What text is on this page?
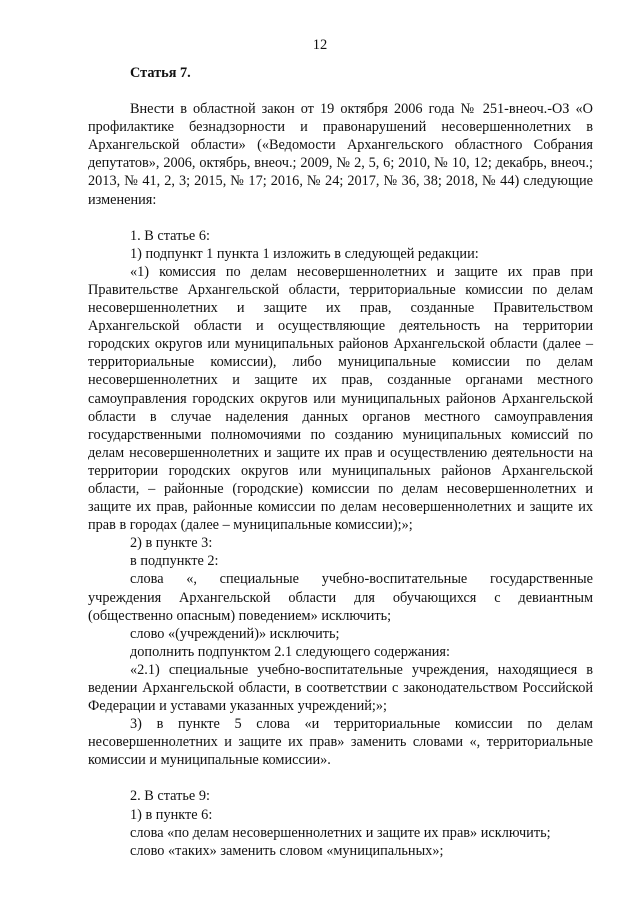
12

Статья 7.

Внести в областной закон от 19 октября 2006 года № 251-внеоч.-ОЗ «О профилактике безнадзорности и правонарушений несовершеннолетних в Архангельской области» («Ведомости Архангельского областного Собрания депутатов», 2006, октябрь, внеоч.; 2009, № 2, 5, 6; 2010, № 10, 12; декабрь, внеоч.; 2013, № 41, 2, 3; 2015, № 17; 2016, № 24; 2017, № 36, 38; 2018, № 44) следующие изменения:

1. В статье 6:

1) подпункт 1 пункта 1 изложить в следующей редакции:

«1) комиссия по делам несовершеннолетних и защите их прав при Правительстве Архангельской области, территориальные комиссии по делам несовершеннолетних и защите их прав, созданные Правительством Архангельской области и осуществляющие деятельность на территории городских округов или муниципальных районов Архангельской области (далее – территориальные комиссии), либо муниципальные комиссии по делам несовершеннолетних и защите их прав, созданные органами местного самоуправления городских округов или муниципальных районов Архангельской области в случае наделения данных органов местного самоуправления государственными полномочиями по созданию муниципальных комиссий по делам несовершеннолетних и защите их прав и осуществлению деятельности на территории городских округов или муниципальных районов Архангельской области, – районные (городские) комиссии по делам несовершеннолетних и защите их прав, районные комиссии по делам несовершеннолетних и защите их прав в городах (далее – муниципальные комиссии);»;

2) в пункте 3:

в подпункте 2:

слова «, специальные учебно-воспитательные государственные учреждения Архангельской области для обучающихся с девиантным (общественно опасным) поведением» исключить;

слово «(учреждений)» исключить;

дополнить подпунктом 2.1 следующего содержания:

«2.1) специальные учебно-воспитательные учреждения, находящиеся в ведении Архангельской области, в соответствии с законодательством Российской Федерации и уставами указанных учреждений;»;

3) в пункте 5 слова «и территориальные комиссии по делам несовершеннолетних и защите их прав» заменить словами «, территориальные комиссии и муниципальные комиссии».

2. В статье 9:

1) в пункте 6:

слова «по делам несовершеннолетних и защите их прав» исключить;

слово «таких» заменить словом «муниципальных»;
